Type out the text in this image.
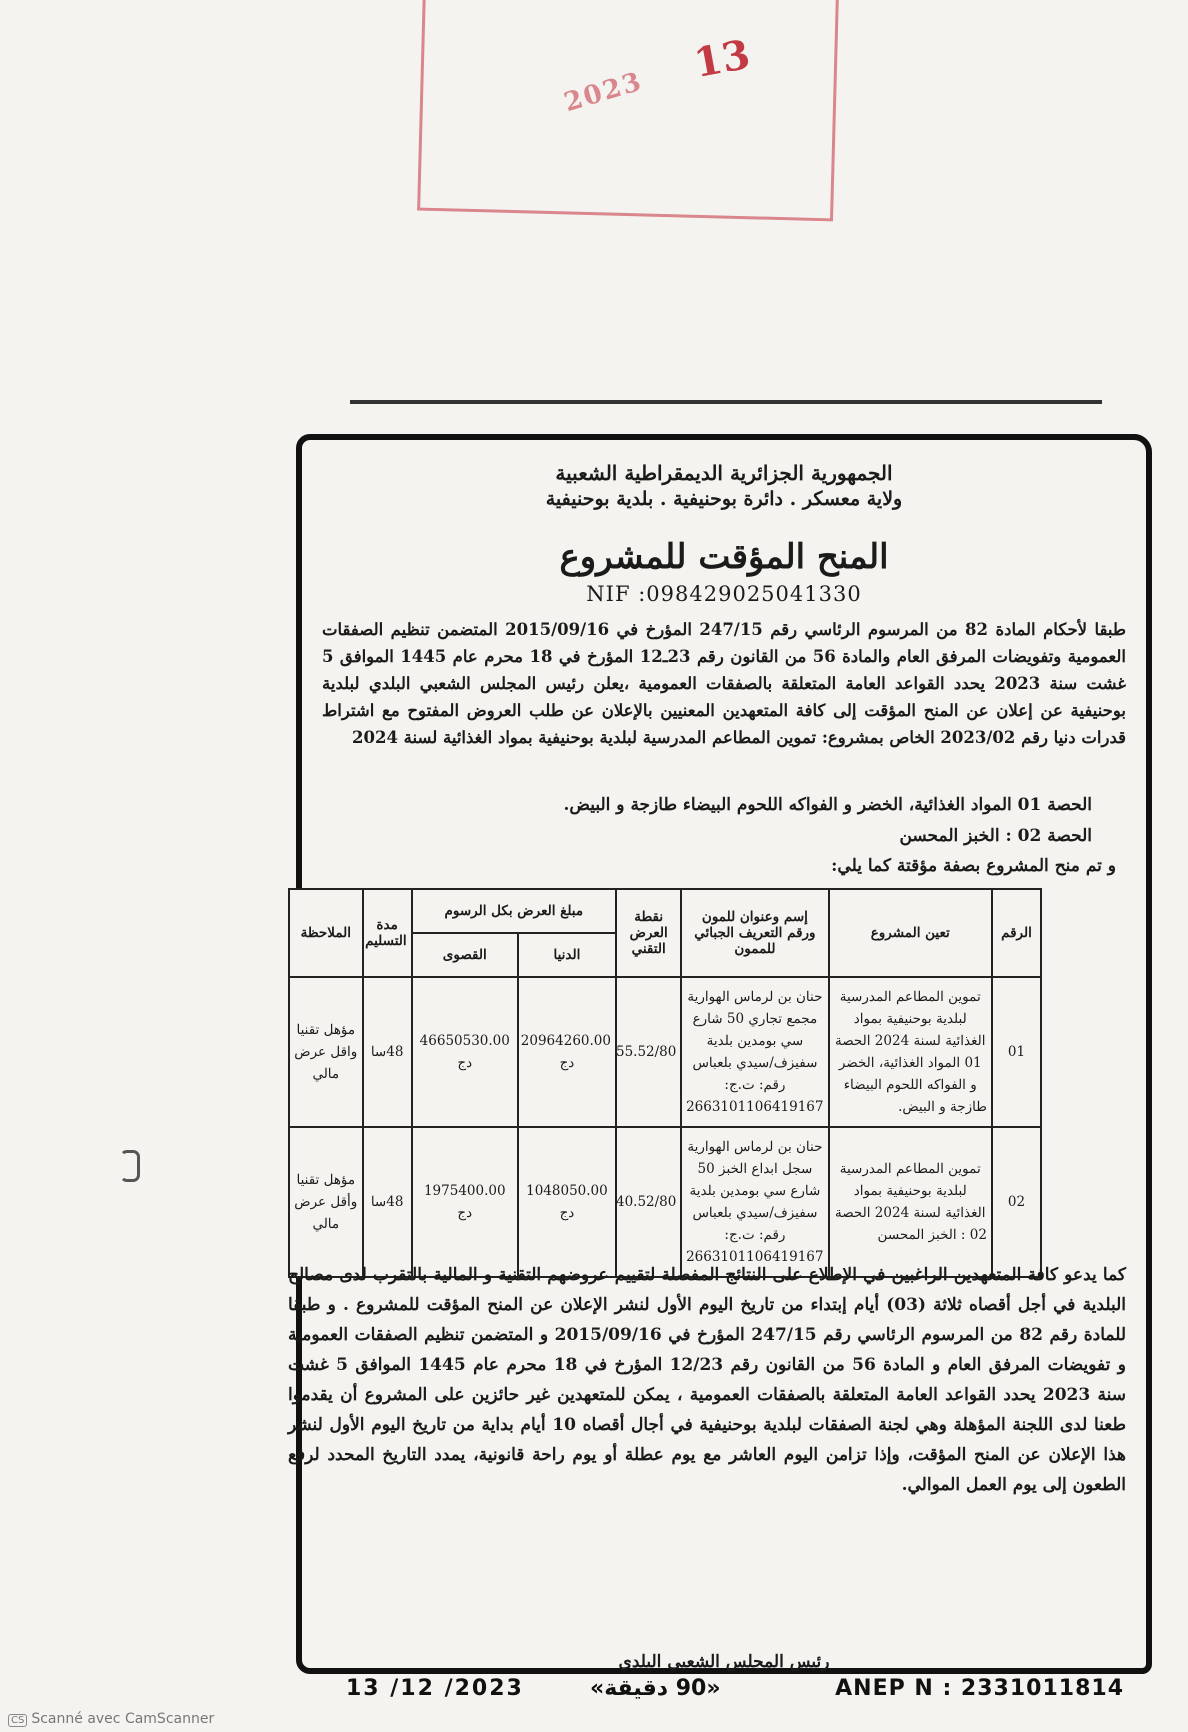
13
2023
الجمهورية الجزائرية الديمقراطية الشعبية
ولاية معسكر . دائرة بوحنيفية . بلدية بوحنيفية
المنح المؤقت للمشروع
NIF :098429025041330
طبقا لأحكام المادة 82 من المرسوم الرئاسي رقم 247/15 المؤرخ في 2015/09/16 المتضمن تنظيم الصفقات العمومية وتفويضات المرفق العام والمادة 56 من القانون رقم 23ـ12 المؤرخ في 18 محرم عام 1445 الموافق 5 غشت سنة 2023 يحدد القواعد العامة المتعلقة بالصفقات العمومية ،يعلن رئيس المجلس الشعبي البلدي لبلدية بوحنيفية عن إعلان عن المنح المؤقت إلى كافة المتعهدين المعنيين بالإعلان عن طلب العروض المفتوح مع اشتراط قدرات دنيا رقم 2023/02 الخاص بمشروع: تموين المطاعم المدرسية لبلدية بوحنيفية بمواد الغذائية لسنة 2024
الحصة 01 المواد الغذائية، الخضر و الفواكه اللحوم البيضاء طازجة و البيض.
الحصة 02 : الخبز المحسن
و تم منح المشروع بصفة مؤقتة كما يلي:
الرقم	تعين المشروع	إسم وعنوان للمون ورقم التعريف الجبائي للممون	نقطة العرض التقني	مبلغ العرض بكل الرسوم		مدة التسليم	الملاحظة
				الدنيا	القصوى		
01	تموين المطاعم المدرسية لبلدية بوحنيفية بمواد الغذائية لسنة 2024 الحصة 01 المواد الغذائية، الخضر و الفواكه اللحوم البيضاء طازجة و البيض.	حنان بن لرماس الهوارية مجمع تجاري 50 شارع سي بومدين بلدية سفيزف/سيدي بلعباس رقم: ت.ج: 2663101106419167	55.52/80	20964260.00 دج	46650530.00 دج	48سا	مؤهل تقنيا واقل عرض مالي
02	تموين المطاعم المدرسية لبلدية بوحنيفية بمواد الغذائية لسنة 2024 الحصة 02 : الخبز المحسن	حنان بن لرماس الهوارية سجل ابداع الخبز 50 شارع سي بومدين بلدية سفيزف/سيدي بلعباس رقم: ت.ج: 2663101106419167	40.52/80	1048050.00 دج	1975400.00 دج	48سا	مؤهل تقنيا وأقل عرض مالي
كما يدعو كافة المتعهدين الراغبين في الإطلاع على النتائج المفصلة لتقييم عروضهم التقنية و المالية بالتقرب لدى مصالح البلدية في أجل أقصاه ثلاثة (03) أيام إبتداء من تاريخ اليوم الأول لنشر الإعلان عن المنح المؤقت للمشروع . و طبقا للمادة رقم 82 من المرسوم الرئاسي رقم 247/15 المؤرخ في 2015/09/16 و المتضمن تنظيم الصفقات العمومية و تفويضات المرفق العام و المادة 56 من القانون رقم 12/23 المؤرخ في 18 محرم عام 1445 الموافق 5 غشت سنة 2023 يحدد القواعد العامة المتعلقة بالصفقات العمومية ، يمكن للمتعهدين غير حائزين على المشروع أن يقدموا طعنا لدى اللجنة المؤهلة وهي لجنة الصفقات لبلدية بوحنيفية في أجال أقصاه 10 أيام بداية من تاريخ اليوم الأول لنشر هذا الإعلان عن المنح المؤقت، وإذا تزامن اليوم العاشر مع يوم عطلة أو يوم راحة قانونية، يمدد التاريخ المحدد لرفع الطعون إلى يوم العمل الموالي.
رئيس المجلس الشعبي البلدي
13 /12 /2023	«90 دقيقة»	ANEP N : 2331011814
CS Scanné avec CamScanner
